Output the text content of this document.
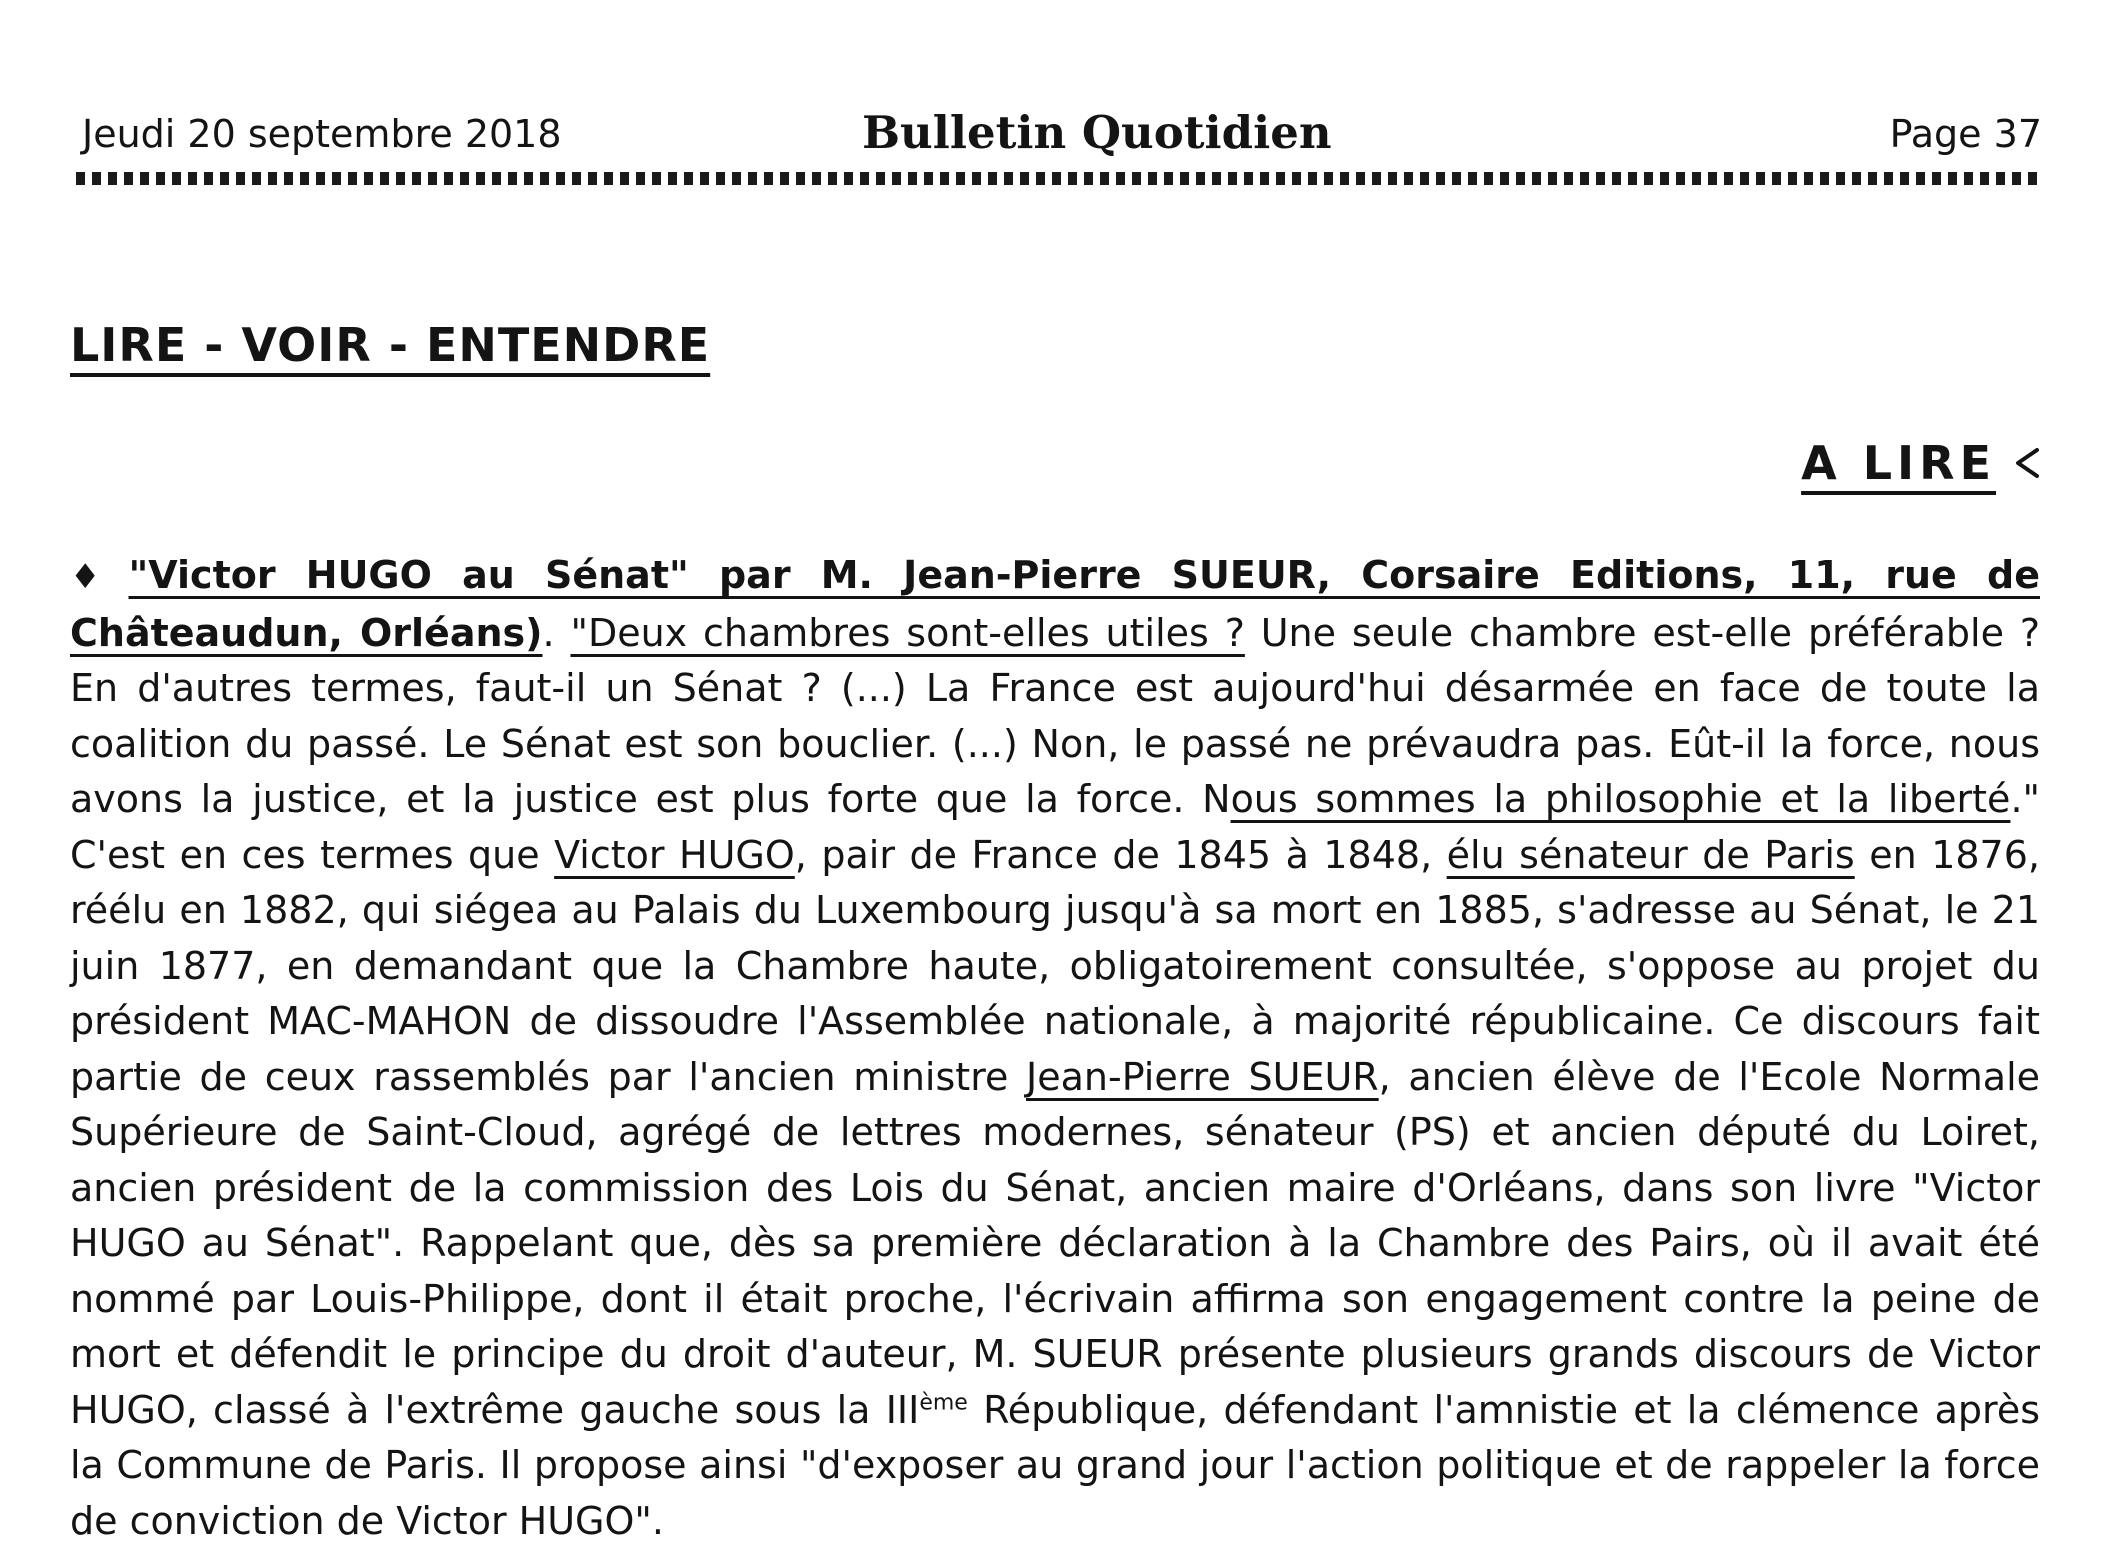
Jeudi 20 septembre 2018	Bulletin Quotidien	Page 37
LIRE - VOIR - ENTENDRE
A LIRE

♦ "Victor HUGO au Sénat" par M. Jean-Pierre SUEUR, Corsaire Editions, 11, rue de Châteaudun, Orléans). "Deux chambres sont-elles utiles ? Une seule chambre est-elle préférable ? En d'autres termes, faut-il un Sénat ? (...) La France est aujourd'hui désarmée en face de toute la coalition du passé. Le Sénat est son bouclier. (...) Non, le passé ne prévaudra pas. Eût-il la force, nous avons la justice, et la justice est plus forte que la force. Nous sommes la philosophie et la liberté." C'est en ces termes que Victor HUGO, pair de France de 1845 à 1848, élu sénateur de Paris en 1876, réélu en 1882, qui siégea au Palais du Luxembourg jusqu'à sa mort en 1885, s'adresse au Sénat, le 21 juin 1877, en demandant que la Chambre haute, obligatoirement consultée, s'oppose au projet du président MAC-MAHON de dissoudre l'Assemblée nationale, à majorité républicaine. Ce discours fait partie de ceux rassemblés par l'ancien ministre Jean-Pierre SUEUR, ancien élève de l'Ecole Normale Supérieure de Saint-Cloud, agrégé de lettres modernes, sénateur (PS) et ancien député du Loiret, ancien président de la commission des Lois du Sénat, ancien maire d'Orléans, dans son livre "Victor HUGO au Sénat". Rappelant que, dès sa première déclaration à la Chambre des Pairs, où il avait été nommé par Louis-Philippe, dont il était proche, l'écrivain affirma son engagement contre la peine de mort et défendit le principe du droit d'auteur, M. SUEUR présente plusieurs grands discours de Victor HUGO, classé à l'extrême gauche sous la IIIème République, défendant l'amnistie et la clémence après la Commune de Paris. Il propose ainsi "d'exposer au grand jour l'action politique et de rappeler la force de conviction de Victor HUGO".
